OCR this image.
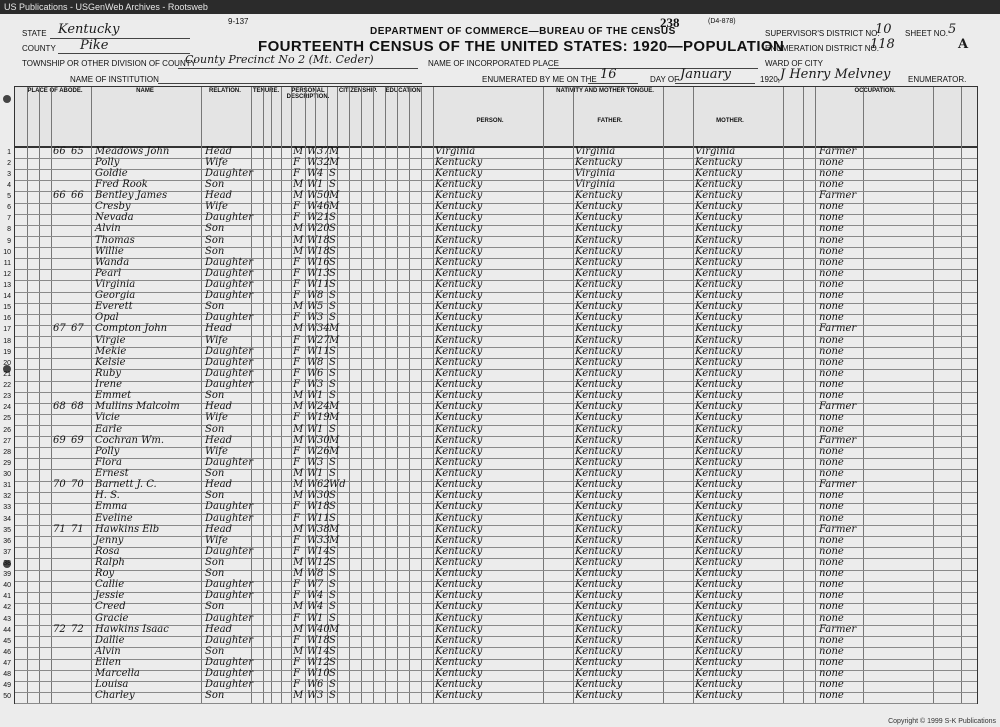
US Publications - USGenWeb Archives - Rootsweb
9-137	238	(D4-878)
DEPARTMENT OF COMMERCE—BUREAU OF THE CENSUS
FOURTEENTH CENSUS OF THE UNITED STATES: 1920—POPULATION
STATE Kentucky
COUNTY Pike
TOWNSHIP OR OTHER DIVISION OF COUNTY
County Precinct No 2 (Mt. Ceder)
NAME OF INSTITUTION
NAME OF INCORPORATED PLACE
ENUMERATED BY ME ON THE 16	DAY OF January	1920, J Henry Melvney ENUMERATOR.
SUPERVISOR'S DISTRICT NO.
10 SHEET NO. 5
ENUMERATION DISTRICT NO.
118	A
WARD OF CITY
PLACE OF ABODE.	NAME	RELATION.	TENURE.	PERSONAL DESCRIPTION.
CITIZENSHIP.	EDUCATION.	NATIVITY AND MOTHER TONGUE.	OCCUPATION.
PERSON.	FATHER.	MOTHER.
1	66 65 Meadows John	Head	M W 37 M	Virginia	Virginia	Virginia	Farmer
2	Polly	Wife	F W 32 M	Kentucky	Kentucky	Kentucky	none
3	Goldie	Daughter	F W 4 S	Kentucky	Virginia	Kentucky	none
4	Fred Rook	Son	M W 1 S	Kentucky	Virginia	Kentucky	none
5	66 66 Bentley James	Head	M W 50 M	Kentucky	Kentucky	Kentucky	Farmer
6	Cresby	Wife	F W 46 M	Kentucky	Kentucky	Kentucky	none
7	Nevada	Daughter	F W 21 S	Kentucky	Kentucky	Kentucky	none
8	Alvin	Son	M W 20 S	Kentucky	Kentucky	Kentucky	none
9	Thomas	Son	M W 18 S	Kentucky	Kentucky	Kentucky	none
10	Willie	Son	M W 18 S	Kentucky	Kentucky	Kentucky	none
11	Wanda	Daughter	F W 16 S	Kentucky	Kentucky	Kentucky	none
12	Pearl	Daughter	F W 13 S	Kentucky	Kentucky	Kentucky	none
13	Virginia	Daughter	F W 11 S	Kentucky	Kentucky	Kentucky	none
14	Georgia	Daughter	F W 8 S	Kentucky	Kentucky	Kentucky	none
15	Everett	Son	M W 5 S	Kentucky	Kentucky	Kentucky	none
16	Opal	Daughter	F W 3 S	Kentucky	Kentucky	Kentucky	none
17	67 67 Compton John	Head	M W 34 M	Kentucky	Kentucky	Kentucky	Farmer
18	Virgie	Wife	F W 27 M	Kentucky	Kentucky	Kentucky	none
19	Mekie	Daughter	F W 11 S	Kentucky	Kentucky	Kentucky	none
20	Kelsie	Daughter	F W 8 S	Kentucky	Kentucky	Kentucky	none
21	Ruby	Daughter	F W 6 S	Kentucky	Kentucky	Kentucky	none
22	Irene	Daughter	F W 3 S	Kentucky	Kentucky	Kentucky	none
23	Emmet	Son	M W 1 S	Kentucky	Kentucky	Kentucky	none
24	68 68 Mullins Malcolm	Head	M W 24 M	Kentucky	Kentucky	Kentucky	Farmer
25	Vicie	Wife	F W 19 M	Kentucky	Kentucky	Kentucky	none
26	Earle	Son	M W 1 S	Kentucky	Kentucky	Kentucky	none
27	69 69 Cochran Wm.	Head	M W 30 M	Kentucky	Kentucky	Kentucky	Farmer
28	Polly	Wife	F W 26 M	Kentucky	Kentucky	Kentucky	none
29	Flora	Daughter	F W 3 S	Kentucky	Kentucky	Kentucky	none
30	Ernest	Son	M W 1 S	Kentucky	Kentucky	Kentucky	none
31	70 70 Barnett J. C.	Head	M W 62 Wd	Kentucky	Kentucky	Kentucky	Farmer
32	H. S.	Son	M W 30 S	Kentucky	Kentucky	Kentucky	none
33	Emma	Daughter	F W 18 S	Kentucky	Kentucky	Kentucky	none
34	Eveline	Daughter	F W 11 S	Kentucky	Kentucky	Kentucky	none
35	71 71 Hawkins Elb	Head	M W 38 M	Kentucky	Kentucky	Kentucky	Farmer
36	Jenny	Wife	F W 33 M	Kentucky	Kentucky	Kentucky	none
37	Rosa	Daughter	F W 14 S	Kentucky	Kentucky	Kentucky	none
38	Ralph	Son	M W 12 S	Kentucky	Kentucky	Kentucky	none
39	Roy	Son	M W 8 S	Kentucky	Kentucky	Kentucky	none
40	Callie	Daughter	F W 7 S	Kentucky	Kentucky	Kentucky	none
41	Jessie	Daughter	F W 4 S	Kentucky	Kentucky	Kentucky	none
42	Creed	Son	M W 4 S	Kentucky	Kentucky	Kentucky	none
43	Gracie	Daughter	F W 1 S	Kentucky	Kentucky	Kentucky	none
44	72 72 Hawkins Isaac	Head	M W 40 M	Kentucky	Kentucky	Kentucky	Farmer
45	Dallie	Daughter	F W 18 S	Kentucky	Kentucky	Kentucky	none
46	Alvin	Son	M W 14 S	Kentucky	Kentucky	Kentucky	none
47	Ellen	Daughter	F W 12 S	Kentucky	Kentucky	Kentucky	none
48	Marcella	Daughter	F W 10 S	Kentucky	Kentucky	Kentucky	none
49	Louisa	Daughter	F W 6 S	Kentucky	Kentucky	Kentucky	none
50	Charley	Son	M W 3 S	Kentucky	Kentucky	Kentucky	none
Copyright © 1999 S-K Publications
